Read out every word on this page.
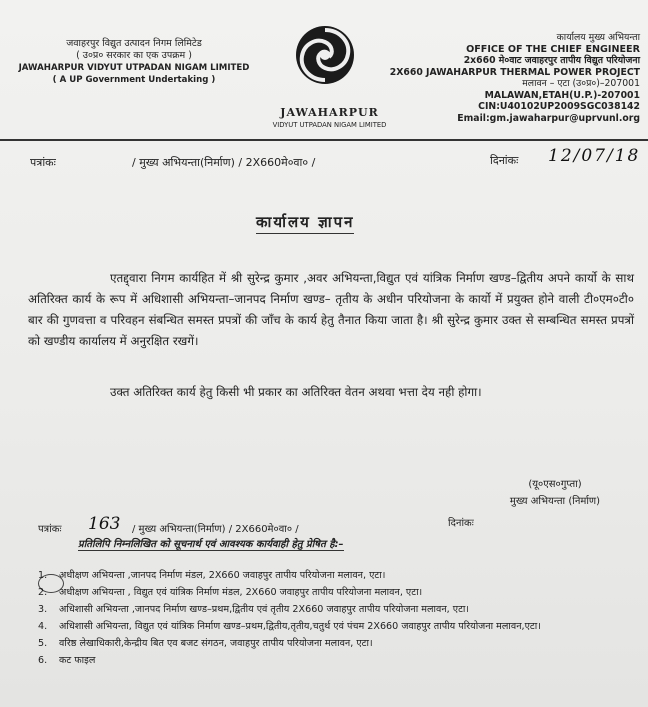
जवाहरपुर विद्युत उत्पादन निगम लिमिटेड
( उ०प्र० सरकार का एक उपक्रम )
JAWAHARPUR VIDYUT UTPADAN NIGAM LIMITED
( A UP Government Undertaking )
JAWAHARPUR
VIDYUT UTPADAN NIGAM LIMITED
कार्यालय मुख्य अभियन्ता
OFFICE OF THE CHIEF ENGINEER
2x660 मे०वाट जवाहरपुर तापीय विद्युत परियोजना
2X660 JAWAHARPUR THERMAL POWER PROJECT
मलावन – एटा (उ०प्र०)–207001
MALAWAN,ETAH(U.P.)-207001
CIN:U40102UP2009SGC038142
Email:gm.jawaharpur@uprvunl.org
पत्रांकः	/ मुख्य अभियन्ता(निर्माण) / 2X660मे०वा० /	दिनांकः 12/07/18
कार्यालय ज्ञापन
एतद्द्वारा निगम कार्यहित में श्री सुरेन्द्र कुमार ,अवर अभियन्ता,विद्युत एवं यांत्रिक निर्माण खण्ड–द्वितीय अपने कार्यो के साथ अतिरिक्त कार्य के रूप में अधिशासी अभियन्ता–जानपद निर्माण खण्ड– तृतीय के अधीन परियोजना के कार्यो में प्रयुक्त होने वाली टी०एम०टी० बार की गुणवत्ता व परिवहन संबन्धित समस्त प्रपत्रों की जाँच के कार्य हेतु तैनात किया जाता है। श्री सुरेन्द्र कुमार उक्त से सम्बन्धित समस्त प्रपत्रों को खण्डीय कार्यालय में अनुरक्षित रखगें।
उक्त अतिरिक्त कार्य हेतु किसी भी प्रकार का अतिरिक्त वेतन अथवा भत्ता देय नही होगा।
(यू०एस०गुप्ता)
मुख्य अभियन्ता (निर्माण)
पत्रांकः 163 / मुख्य अभियन्ता(निर्माण) / 2X660मे०वा० /
दिनांकः
प्रतिलिपि निम्नलिखित को सूचनार्थ एवं आवश्यक कार्यवाही हेतु प्रेषित है:–
1.	अधीक्षण अभियन्ता ,जानपद निर्माण मंडल, 2X660 जवाहपुर तापीय परियोजना मलावन, एटा।
2.	अधीक्षण अभियन्ता , विद्युत एवं यांत्रिक निर्माण मंडल, 2X660 जवाहपुर तापीय परियोजना मलावन, एटा।
3.	अधिशासी अभियन्ता ,जानपद निर्माण खण्ड–प्रथम,द्वितीय एवं तृतीय 2X660 जवाहपुर तापीय परियोजना मलावन, एटा।
4.	अधिशासी अभियन्ता, विद्युत एवं यांत्रिक निर्माण खण्ड–प्रथम,द्वितीय,तृतीय,चतुर्थ एवं पंचम 2X660 जवाहपुर तापीय परियोजना मलावन,एटा।
5.	वरिष्ठ लेखाधिकारी,केन्द्रीय बित एव बजट संगठन, जवाहपुर तापीय परियोजना मलावन, एटा।
6.	कट फाइल
